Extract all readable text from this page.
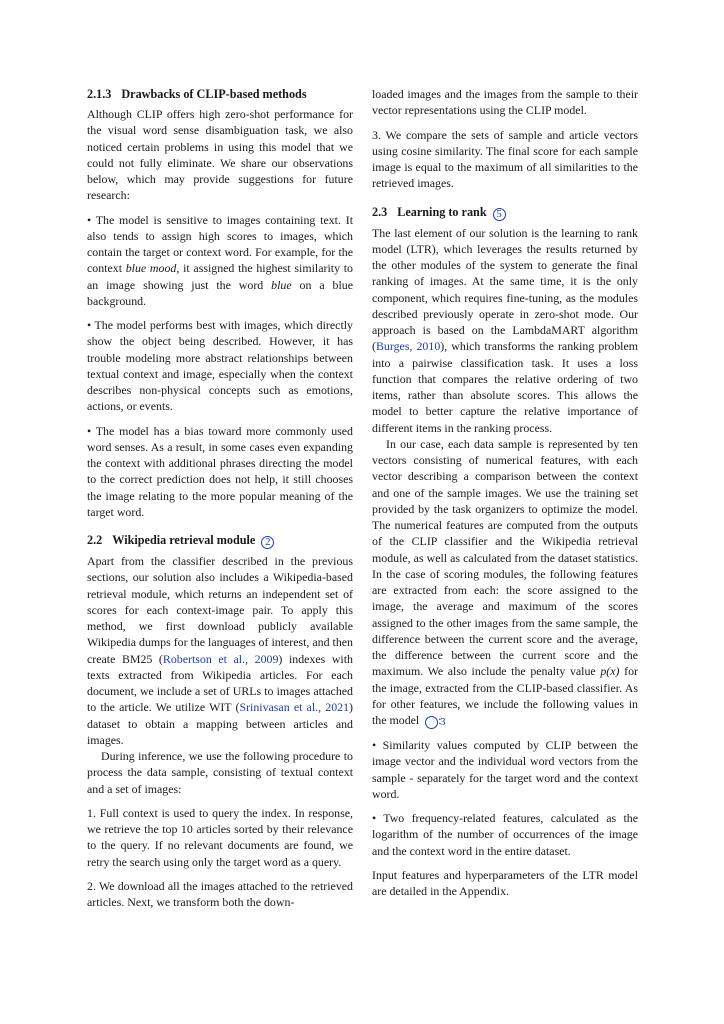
2.1.3 Drawbacks of CLIP-based methods

Although CLIP offers high zero-shot performance for the visual word sense disambiguation task, we also noticed certain problems in using this model that we could not fully eliminate. We share our observations below, which may provide suggestions for future research:

• The model is sensitive to images containing text. It also tends to assign high scores to images, which contain the target or context word. For example, for the context blue mood, it assigned the highest similarity to an image showing just the word blue on a blue background.

• The model performs best with images, which directly show the object being described. However, it has trouble modeling more abstract relationships between textual context and image, especially when the context describes non-physical concepts such as emotions, actions, or events.

• The model has a bias toward more commonly used word senses. As a result, in some cases even expanding the context with additional phrases directing the model to the correct prediction does not help, it still chooses the image relating to the more popular meaning of the target word.

2.2 Wikipedia retrieval module 2

Apart from the classifier described in the previous sections, our solution also includes a Wikipedia-based retrieval module, which returns an independent set of scores for each context-image pair. To apply this method, we first download publicly available Wikipedia dumps for the languages of interest, and then create BM25 (Robertson et al., 2009) indexes with texts extracted from Wikipedia articles. For each document, we include a set of URLs to images attached to the article. We utilize WIT (Srinivasan et al., 2021) dataset to obtain a mapping between articles and images.

During inference, we use the following procedure to process the data sample, consisting of textual context and a set of images:

1. Full context is used to query the index. In response, we retrieve the top 10 articles sorted by their relevance to the query. If no relevant documents are found, we retry the search using only the target word as a query.

2. We download all the images attached to the retrieved articles. Next, we transform both the down-

loaded images and the images from the sample to their vector representations using the CLIP model.

3. We compare the sets of sample and article vectors using cosine similarity. The final score for each sample image is equal to the maximum of all similarities to the retrieved images.

2.3 Learning to rank 5

The last element of our solution is the learning to rank model (LTR), which leverages the results returned by the other modules of the system to generate the final ranking of images. At the same time, it is the only component, which requires fine-tuning, as the modules described previously operate in zero-shot mode. Our approach is based on the LambdaMART algorithm (Burges, 2010), which transforms the ranking problem into a pairwise classification task. It uses a loss function that compares the relative ordering of two items, rather than absolute scores. This allows the model to better capture the relative importance of different items in the ranking process.

In our case, each data sample is represented by ten vectors consisting of numerical features, with each vector describing a comparison between the context and one of the sample images. We use the training set provided by the task organizers to optimize the model. The numerical features are computed from the outputs of the CLIP classifier and the Wikipedia retrieval module, as well as calculated from the dataset statistics. In the case of scoring modules, the following features are extracted from each: the score assigned to the image, the average and maximum of the scores assigned to the other images from the same sample, the difference between the current score and the average, the difference between the current score and the maximum. We also include the penalty value p(x) for the image, extracted from the CLIP-based classifier. As for other features, we include the following values in the model 3:

• Similarity values computed by CLIP between the image vector and the individual word vectors from the sample - separately for the target word and the context word.

• Two frequency-related features, calculated as the logarithm of the number of occurrences of the image and the context word in the entire dataset.

Input features and hyperparameters of the LTR model are detailed in the Appendix.
